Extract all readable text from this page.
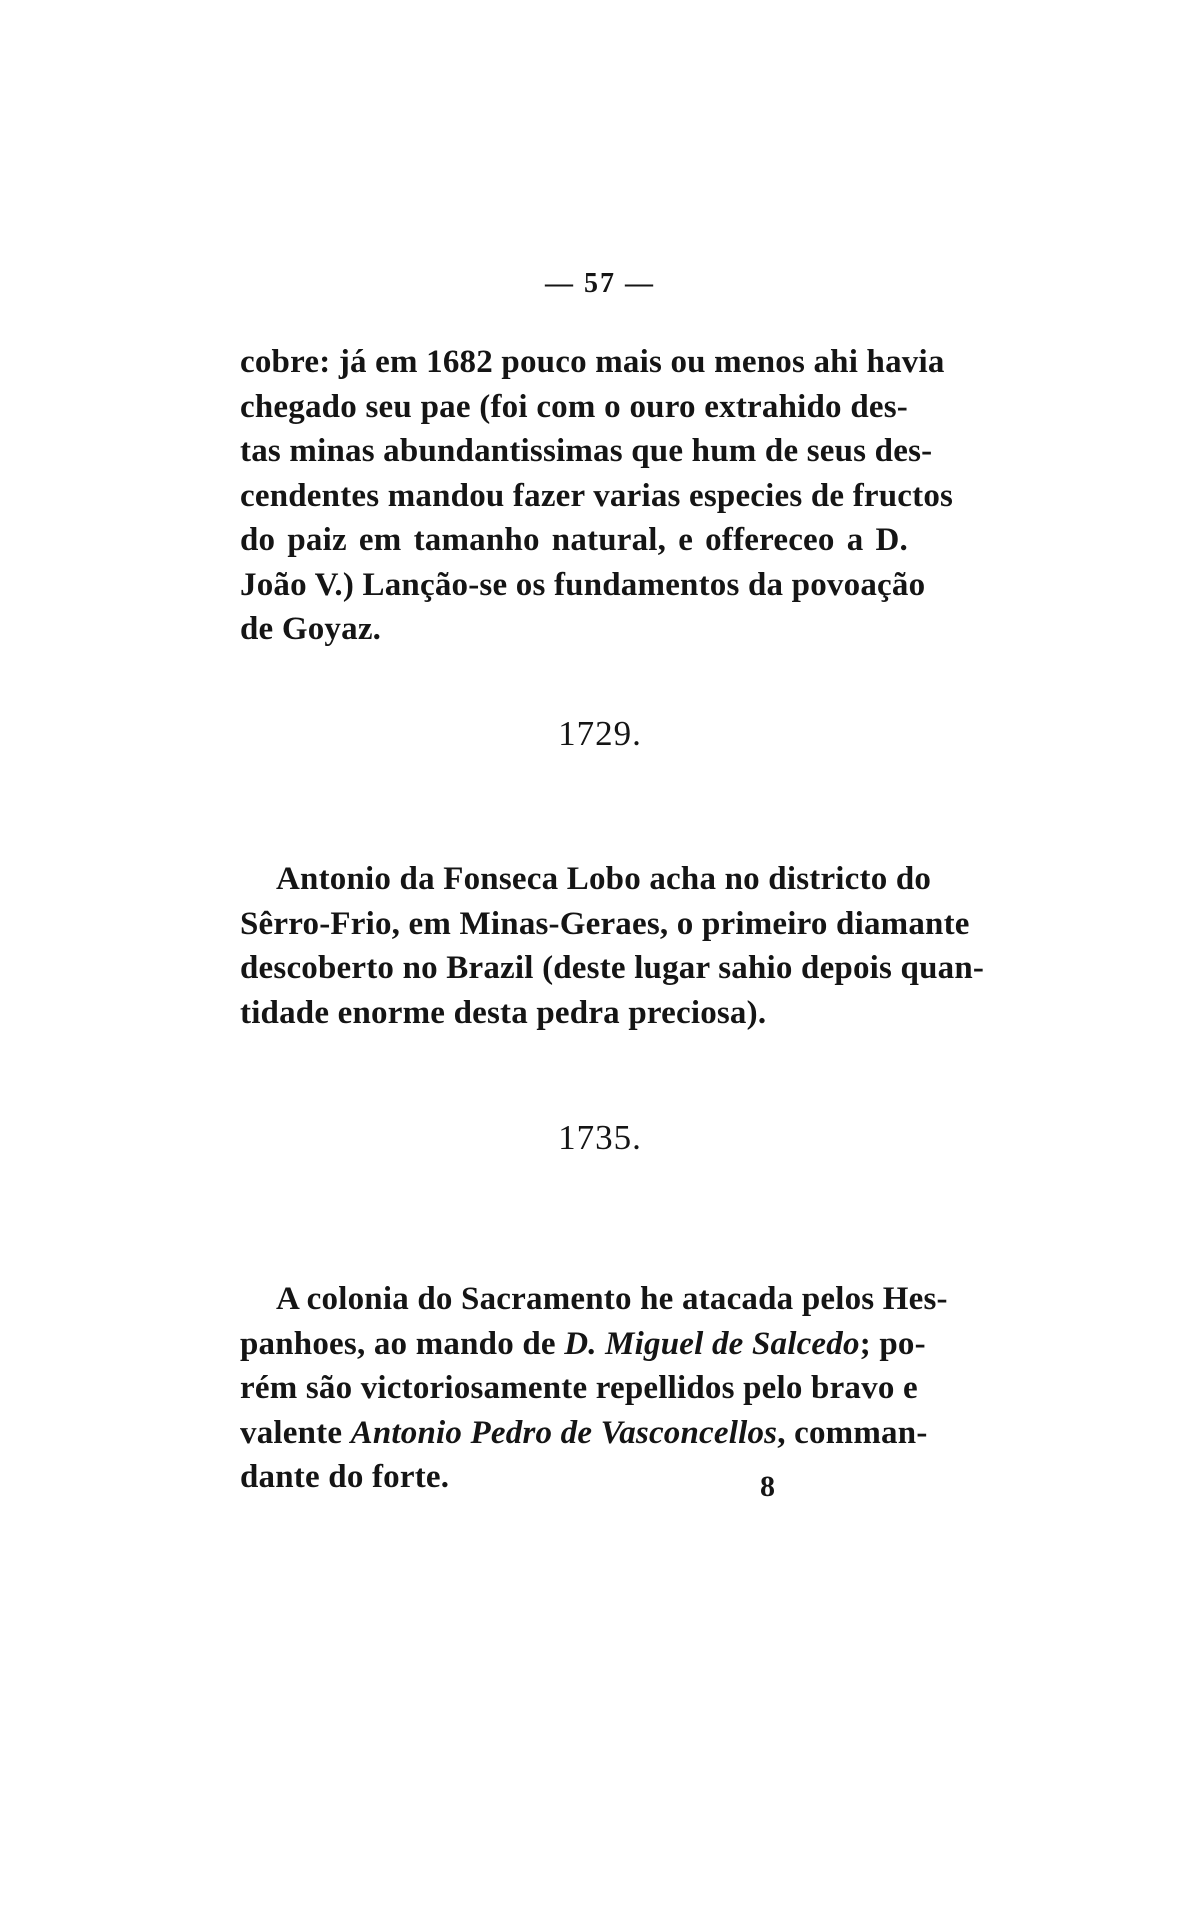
— 57 —
cobre: já em 1682 pouco mais ou menos ahi havia
chegado seu pae (foi com o ouro extrahido des-
tas minas abundantissimas que hum de seus des-
cendentes mandou fazer varias especies de fructos
do paiz em tamanho natural, e offereceo a D.
João V.) Lanção-se os fundamentos da povoação
de Goyaz.
1729.
Antonio da Fonseca Lobo acha no districto do
Sêrro-Frio, em Minas-Geraes, o primeiro diamante
descoberto no Brazil (deste lugar sahio depois quan-
tidade enorme desta pedra preciosa).
1735.
A colonia do Sacramento he atacada pelos Hes-
panhoes, ao mando de D. Miguel de Salcedo; po-
rém são victoriosamente repellidos pelo bravo e
valente Antonio Pedro de Vasconcellos, comman-
dante do forte.	8
